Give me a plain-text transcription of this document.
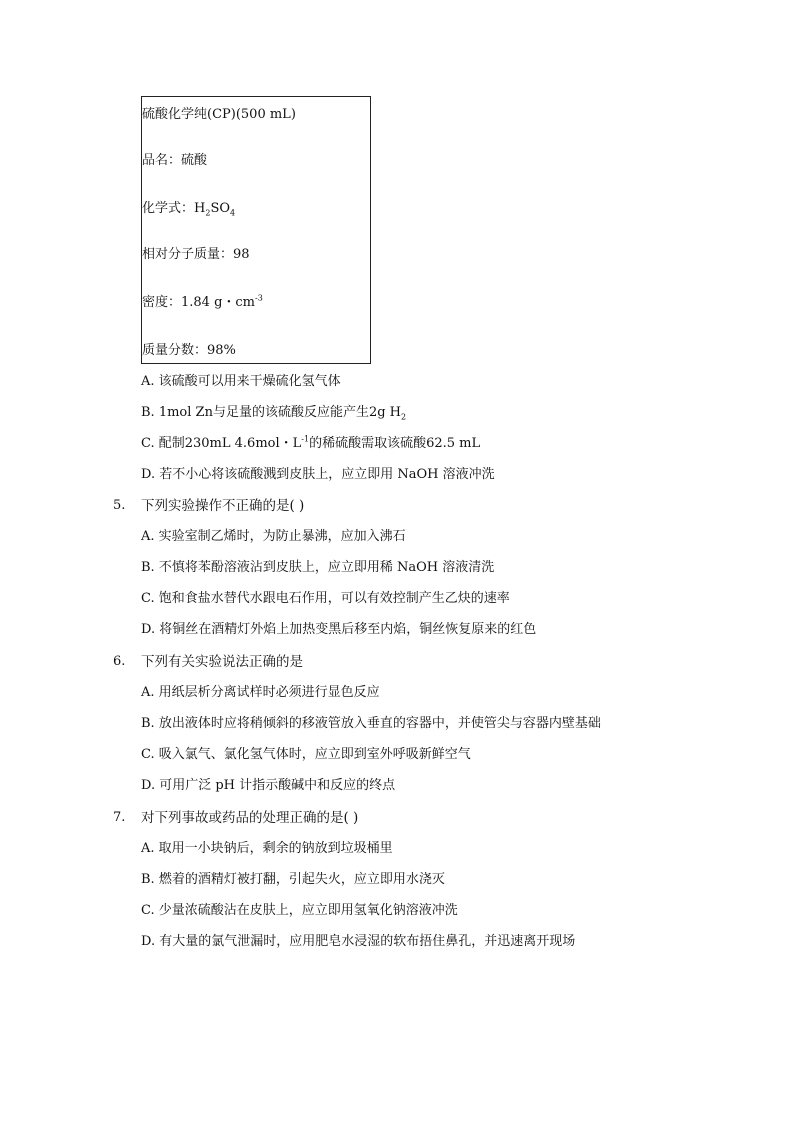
硫酸化学纯(CP)(500 mL)
品名：硫酸
化学式：$H_2SO_4$
相对分子质量：98
密度：1.84 g・$cm^{-3}$
质量分数：98%
A. 该硫酸可以用来干燥硫化氢气体
B. 1mol Zn与足量的该硫酸反应能产生2g $H_2$
C. 配制230mL 4.6mol・$L^{-1}$的稀硫酸需取该硫酸62.5 mL
D. 若不小心将该硫酸溅到皮肤上，应立即用 NaOH 溶液冲洗
5. 下列实验操作不正确的是( )
A. 实验室制乙烯时，为防止暴沸，应加入沸石
B. 不慎将苯酚溶液沾到皮肤上，应立即用稀 NaOH 溶液清洗
C. 饱和食盐水替代水跟电石作用，可以有效控制产生乙炔的速率
D. 将铜丝在酒精灯外焰上加热变黑后移至内焰，铜丝恢复原来的红色
6. 下列有关实验说法正确的是
A. 用纸层析分离试样时必须进行显色反应
B. 放出液体时应将稍倾斜的移液管放入垂直的容器中，并使管尖与容器内壁基础
C. 吸入氯气、氯化氢气体时，应立即到室外呼吸新鲜空气
D. 可用广泛 pH 计指示酸碱中和反应的终点
7. 对下列事故或药品的处理正确的是( )
A. 取用一小块钠后，剩余的钠放到垃圾桶里
B. 燃着的酒精灯被打翻，引起失火，应立即用水浇灭
C. 少量浓硫酸沾在皮肤上，应立即用氢氧化钠溶液冲洗
D. 有大量的氯气泄漏时，应用肥皂水浸湿的软布捂住鼻孔，并迅速离开现场
